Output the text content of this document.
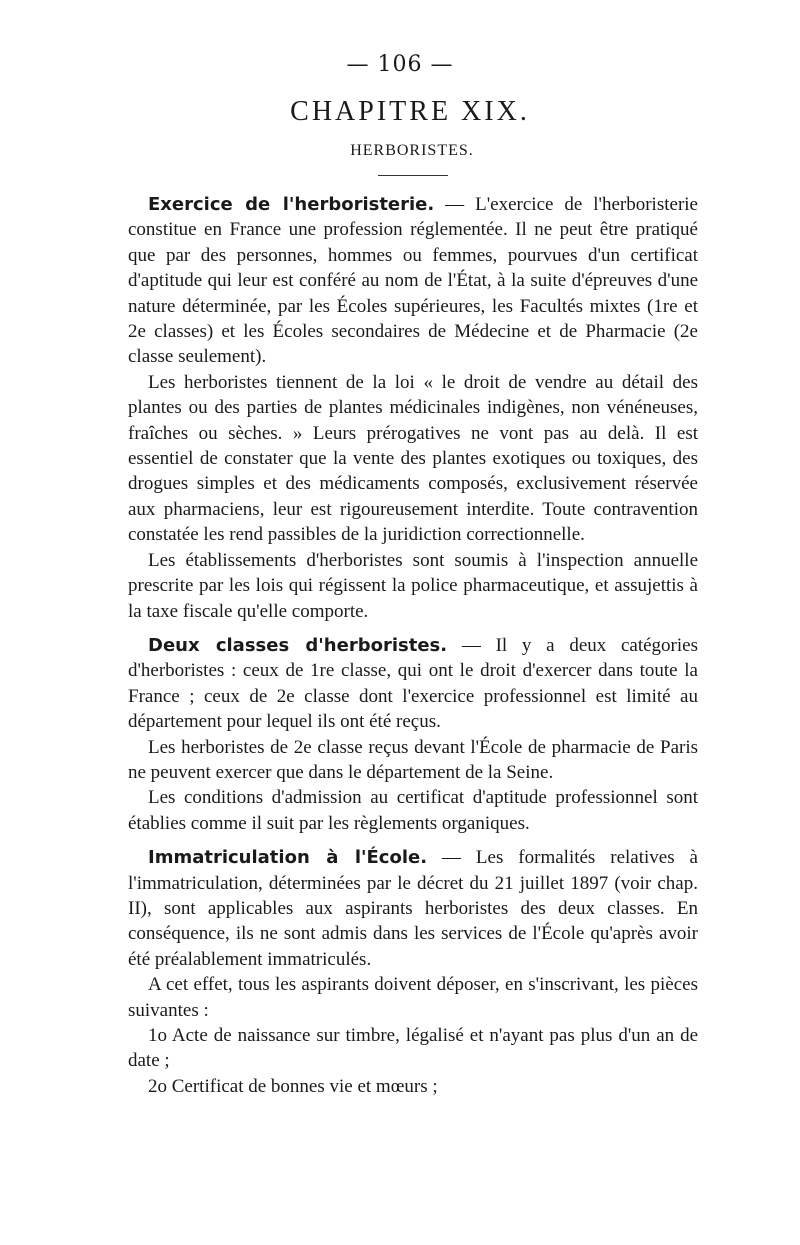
— 106 —
CHAPITRE XIX.
HERBORISTES.

Exercice de l'herboristerie. — L'exercice de l'herboristerie constitue en France une profession réglementée. Il ne peut être pratiqué que par des personnes, hommes ou femmes, pourvues d'un certificat d'aptitude qui leur est conféré au nom de l'État, à la suite d'épreuves d'une nature déterminée, par les Écoles supérieures, les Facultés mixtes (1re et 2e classes) et les Écoles secondaires de Médecine et de Pharmacie (2e classe seulement).

Les herboristes tiennent de la loi « le droit de vendre au détail des plantes ou des parties de plantes médicinales indigènes, non vénéneuses, fraîches ou sèches. » Leurs prérogatives ne vont pas au delà. Il est essentiel de constater que la vente des plantes exotiques ou toxiques, des drogues simples et des médicaments composés, exclusivement réservée aux pharmaciens, leur est rigoureusement interdite. Toute contravention constatée les rend passibles de la juridiction correctionnelle.

Les établissements d'herboristes sont soumis à l'inspection annuelle prescrite par les lois qui régissent la police pharmaceutique, et assujettis à la taxe fiscale qu'elle comporte.

Deux classes d'herboristes. — Il y a deux catégories d'herboristes : ceux de 1re classe, qui ont le droit d'exercer dans toute la France ; ceux de 2e classe dont l'exercice professionnel est limité au département pour lequel ils ont été reçus.

Les herboristes de 2e classe reçus devant l'École de pharmacie de Paris ne peuvent exercer que dans le département de la Seine.

Les conditions d'admission au certificat d'aptitude professionnel sont établies comme il suit par les règlements organiques.

Immatriculation à l'École. — Les formalités relatives à l'immatriculation, déterminées par le décret du 21 juillet 1897 (voir chap. II), sont applicables aux aspirants herboristes des deux classes. En conséquence, ils ne sont admis dans les services de l'École qu'après avoir été préalablement immatriculés.

A cet effet, tous les aspirants doivent déposer, en s'inscrivant, les pièces suivantes :

1o Acte de naissance sur timbre, légalisé et n'ayant pas plus d'un an de date ;

2o Certificat de bonnes vie et mœurs ;
